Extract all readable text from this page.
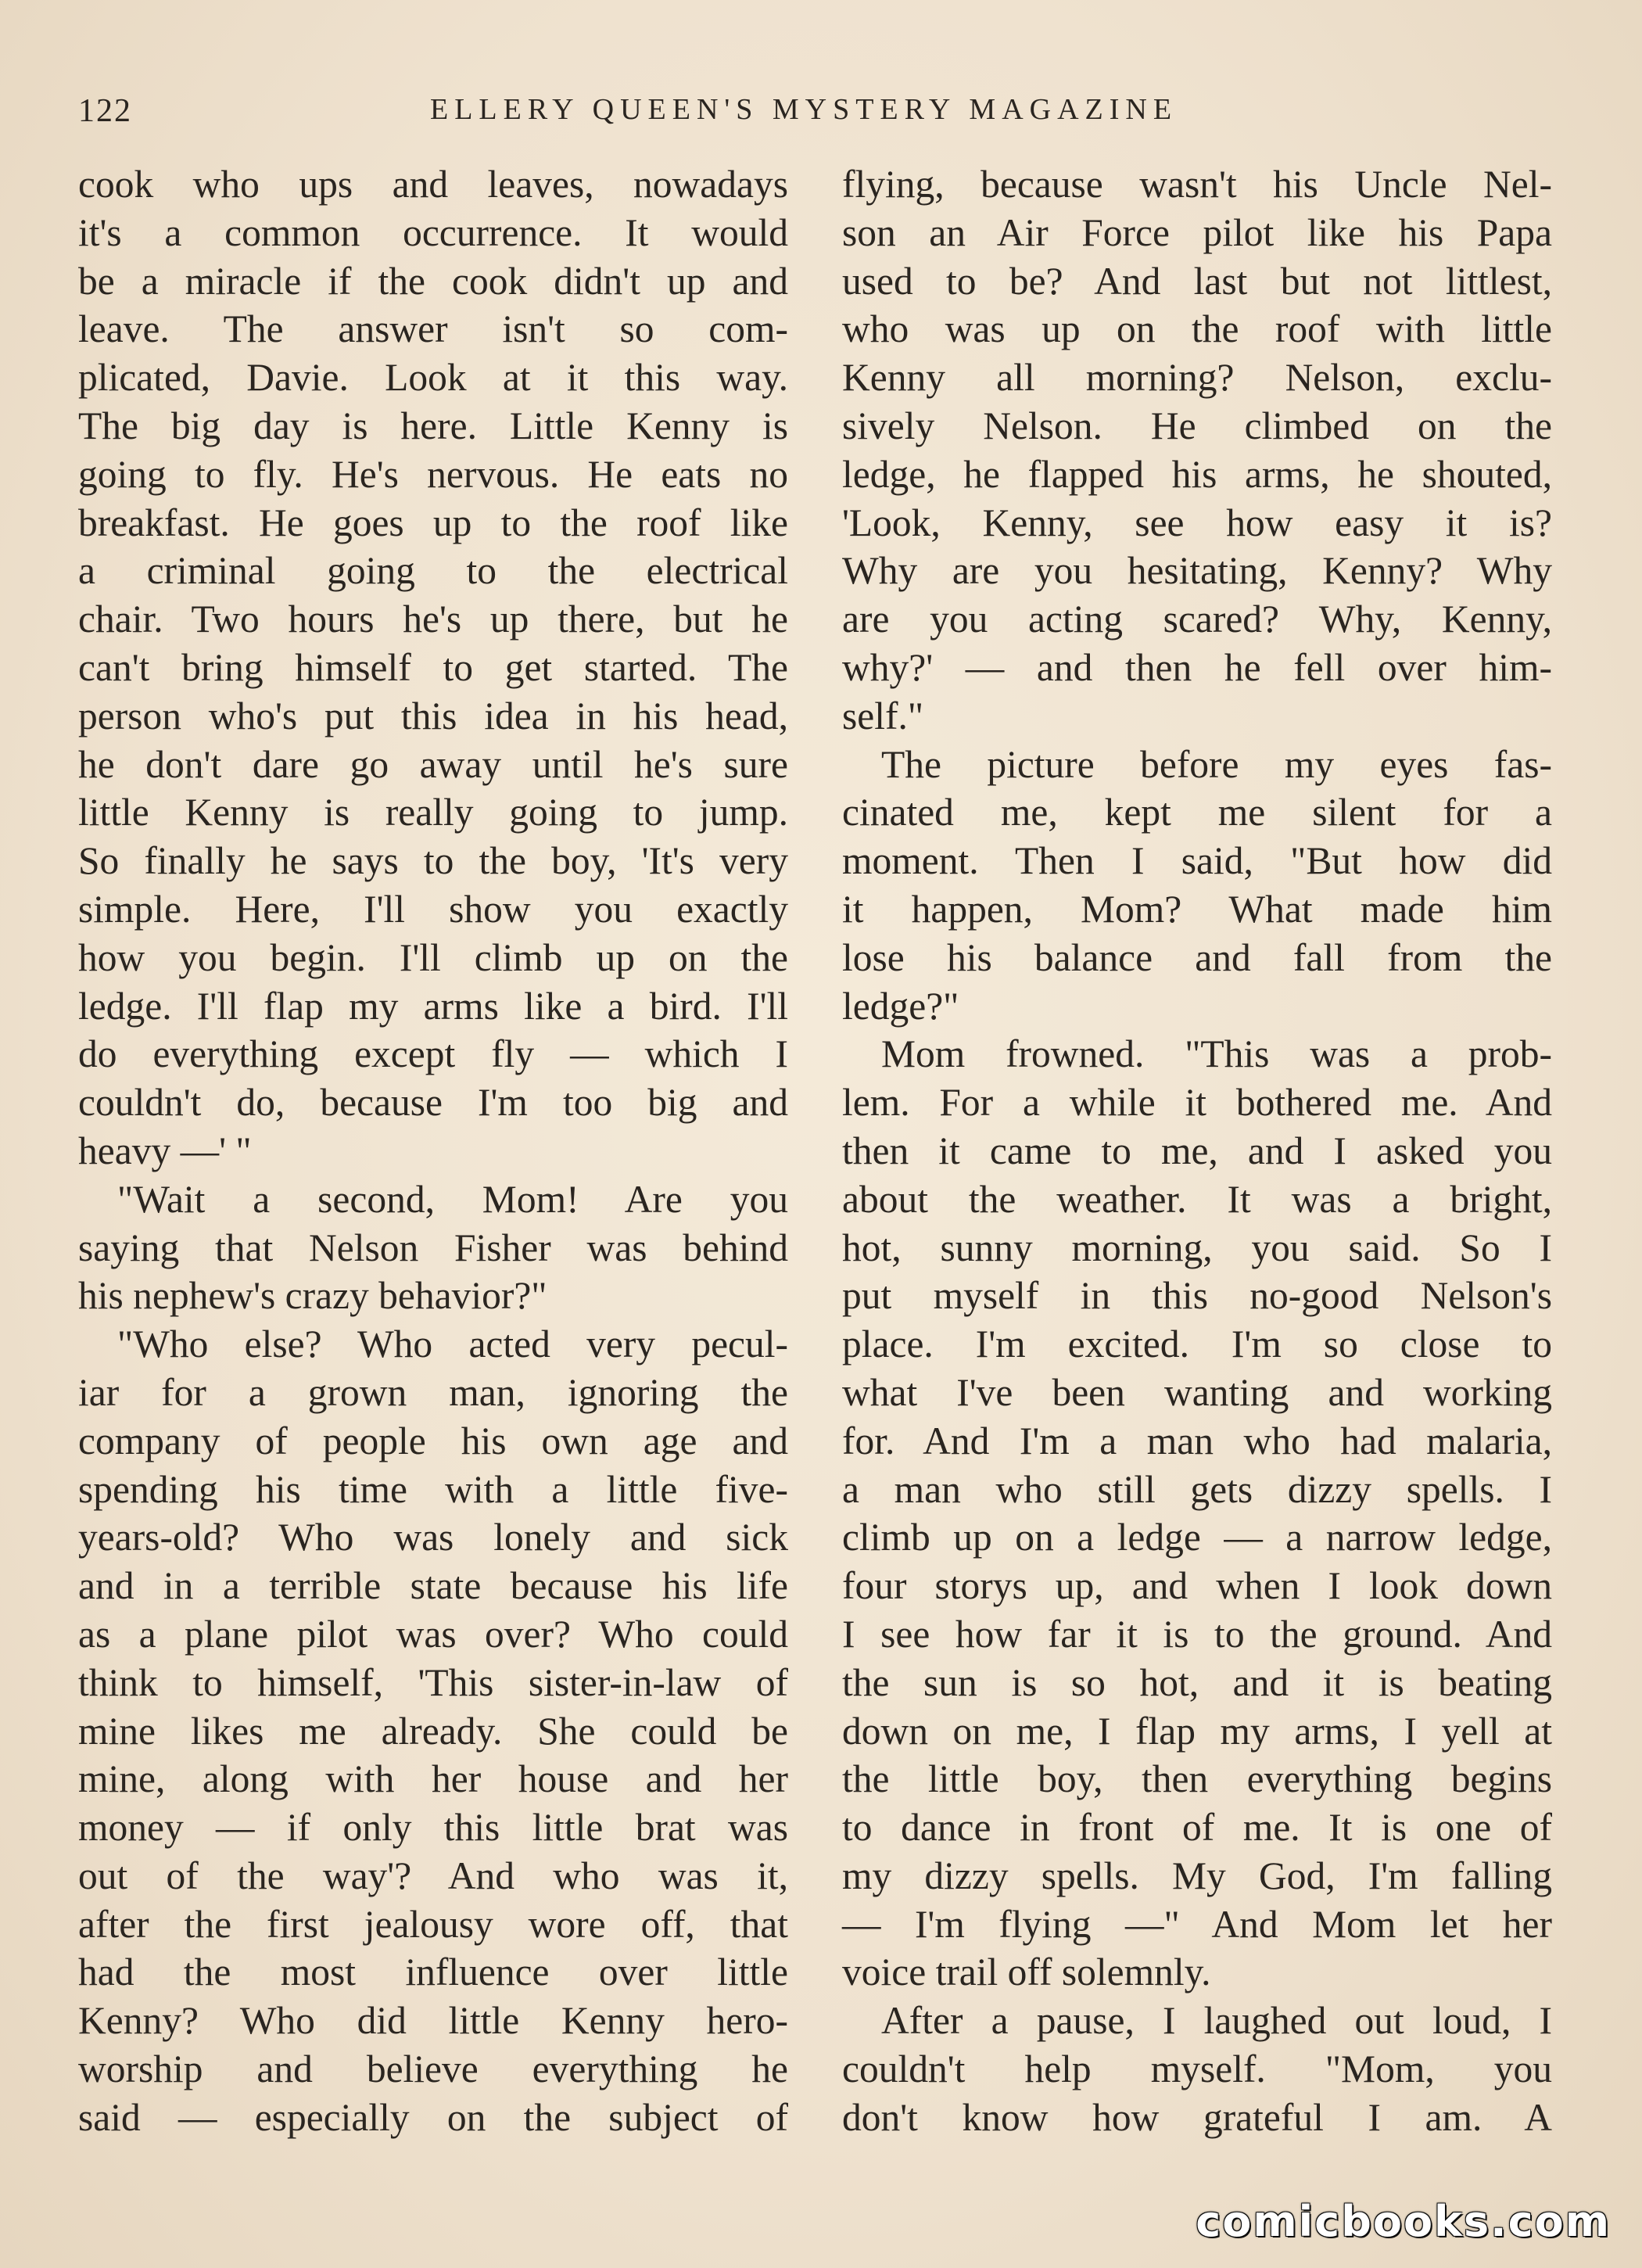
122	ELLERY QUEEN'S MYSTERY MAGAZINE
cook who ups and leaves, nowadays
it's a common occurrence. It would
be a miracle if the cook didn't up and
leave. The answer isn't so com-
plicated, Davie. Look at it this way.
The big day is here. Little Kenny is
going to fly. He's nervous. He eats no
breakfast. He goes up to the roof like
a criminal going to the electrical
chair. Two hours he's up there, but he
can't bring himself to get started. The
person who's put this idea in his head,
he don't dare go away until he's sure
little Kenny is really going to jump.
So finally he says to the boy, 'It's very
simple. Here, I'll show you exactly
how you begin. I'll climb up on the
ledge. I'll flap my arms like a bird. I'll
do everything except fly — which I
couldn't do, because I'm too big and
heavy —' "
"Wait a second, Mom! Are you
saying that Nelson Fisher was behind
his nephew's crazy behavior?"
"Who else? Who acted very pecul-
iar for a grown man, ignoring the
company of people his own age and
spending his time with a little five-
years-old? Who was lonely and sick
and in a terrible state because his life
as a plane pilot was over? Who could
think to himself, 'This sister-in-law of
mine likes me already. She could be
mine, along with her house and her
money — if only this little brat was
out of the way'? And who was it,
after the first jealousy wore off, that
had the most influence over little
Kenny? Who did little Kenny hero-
worship and believe everything he
said — especially on the subject of
flying, because wasn't his Uncle Nel-
son an Air Force pilot like his Papa
used to be? And last but not littlest,
who was up on the roof with little
Kenny all morning? Nelson, exclu-
sively Nelson. He climbed on the
ledge, he flapped his arms, he shouted,
'Look, Kenny, see how easy it is?
Why are you hesitating, Kenny? Why
are you acting scared? Why, Kenny,
why?' — and then he fell over him-
self."
The picture before my eyes fas-
cinated me, kept me silent for a
moment. Then I said, "But how did
it happen, Mom? What made him
lose his balance and fall from the
ledge?"
Mom frowned. "This was a prob-
lem. For a while it bothered me. And
then it came to me, and I asked you
about the weather. It was a bright,
hot, sunny morning, you said. So I
put myself in this no-good Nelson's
place. I'm excited. I'm so close to
what I've been wanting and working
for. And I'm a man who had malaria,
a man who still gets dizzy spells. I
climb up on a ledge — a narrow ledge,
four storys up, and when I look down
I see how far it is to the ground. And
the sun is so hot, and it is beating
down on me, I flap my arms, I yell at
the little boy, then everything begins
to dance in front of me. It is one of
my dizzy spells. My God, I'm falling
— I'm flying —" And Mom let her
voice trail off solemnly.
After a pause, I laughed out loud, I
couldn't help myself. "Mom, you
don't know how grateful I am. A
comicbooks.com
